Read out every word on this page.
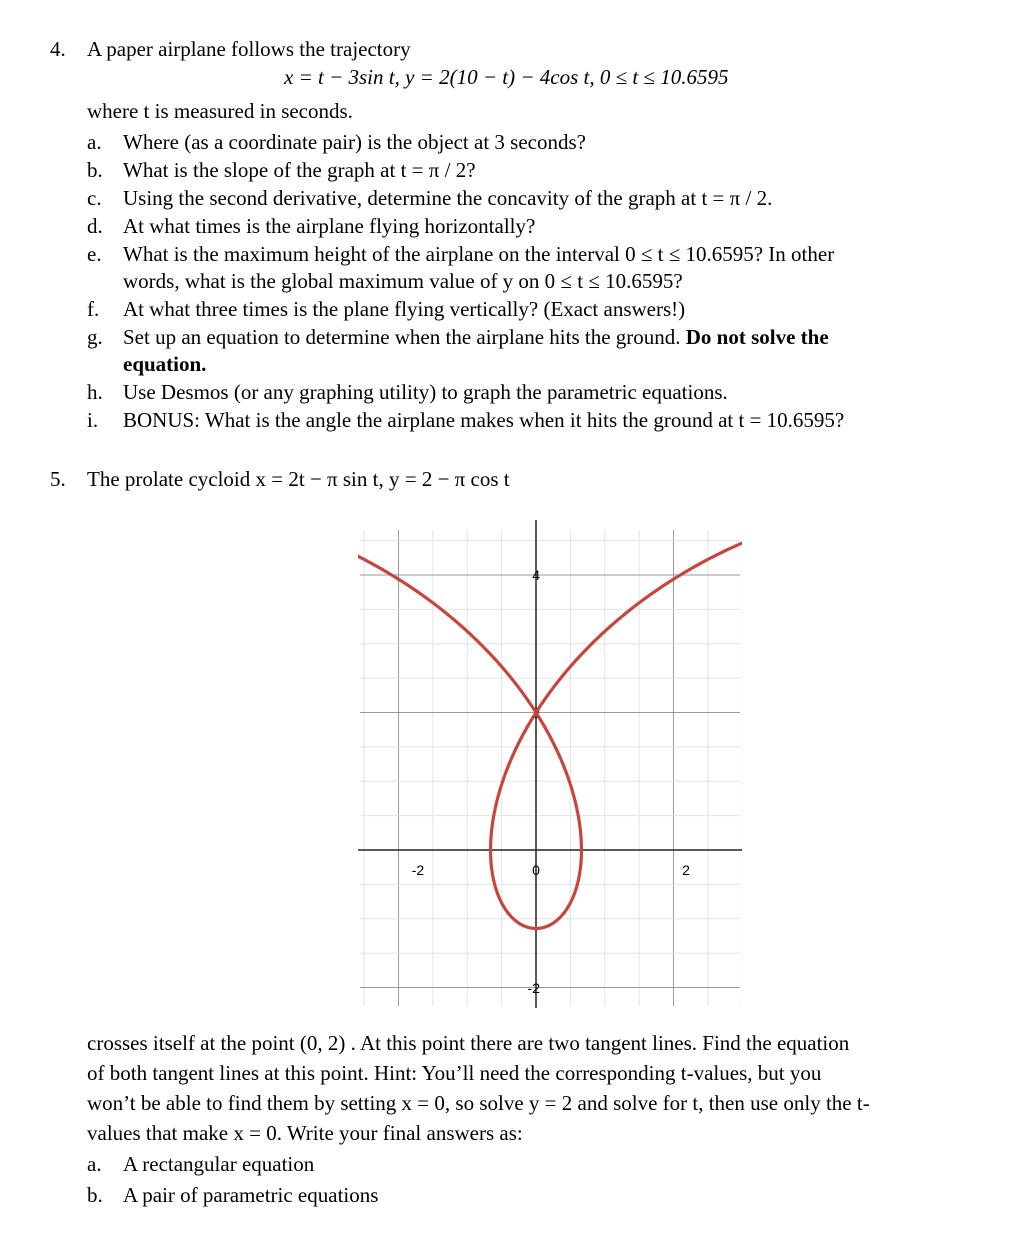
4. A paper airplane follows the trajectory
x = t − 3sin t, y = 2(10 − t) − 4cos t, 0 ≤ t ≤ 10.6595
where t is measured in seconds.
a. Where (as a coordinate pair) is the object at 3 seconds?
b. What is the slope of the graph at t = π / 2?
c. Using the second derivative, determine the concavity of the graph at t = π / 2.
d. At what times is the airplane flying horizontally?
e. What is the maximum height of the airplane on the interval 0 ≤ t ≤ 10.6595? In other
words, what is the global maximum value of y on 0 ≤ t ≤ 10.6595?
f. At what three times is the plane flying vertically? (Exact answers!)
g. Set up an equation to determine when the airplane hits the ground. Do not solve the
equation.
h. Use Desmos (or any graphing utility) to graph the parametric equations.
i. BONUS: What is the angle the airplane makes when it hits the ground at t = 10.6595?
5. The prolate cycloid x = 2t − π sin t, y = 2 − π cos t
-2	0	2
4
2
-2
crosses itself at the point (0, 2) . At this point there are two tangent lines. Find the equation
of both tangent lines at this point. Hint: You’ll need the corresponding t-values, but you
won’t be able to find them by setting x = 0, so solve y = 2 and solve for t, then use only the t-
values that make x = 0. Write your final answers as:
a. A rectangular equation
b. A pair of parametric equations
